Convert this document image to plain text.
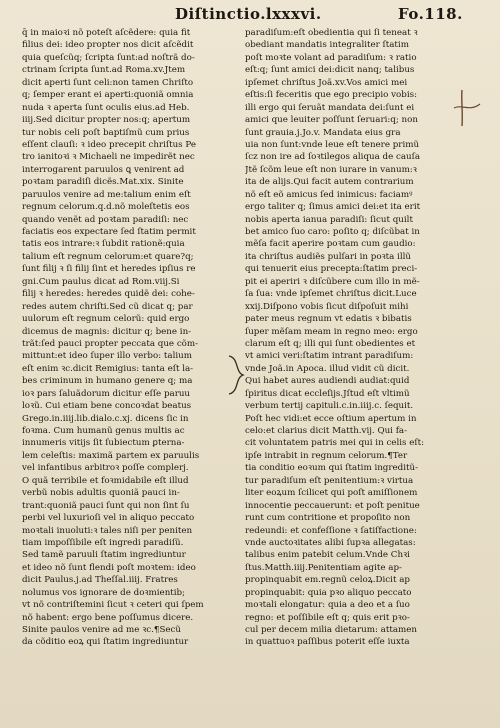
Diſtinctio.lxxxvi.	Fo.118.
q̄ in maioꝛi nõ poteſt aſcẽdere: quia fit
filius dei: ideo propter nos dicit aſcẽdit
quia queſcũq; ſcripta ſunt:ad noſtrã do-
ctrinam ſcripta ſunt.ad Roma.xv.Jtem
dicit aperti ſunt celi:non tamen Chriſto
q; ſemper erant ei aperti:quoniã omnia
nuda ꝛ aperta ſunt oculis eius.ad Heb.
iiij.Sed dicitur propter nos:q; apertum
tur nobis celi poſt baptiſmũ cum prius
eſſent clauſi: ꝛ ideo precepit chriſtus Pe
tro ianitoꝛi ꝛ Michaeli ne impedirẽt nec
interrogarent paruulos ꝗ venirent ad
poꝛtam paradiſi dicẽs.Mat.xix. Sinite
paruulos venire ad me:talium enim eſt
regnum celorum.q.d.nõ moleſtetis eos
quando venẽt ad poꝛtam paradiſi: nec
faciatis eos expectare ſed ſtatim permit
tatis eos intrare:ꝛ ſubdit rationẽ:quia
talium eſt regnum celorum:et quare?q;
ſunt filij ꝛ ſi filij ſint et heredes ipſius re
gni.Cum paulus dicat ad Rom.viij.Si
filij ꝛ heredes: heredes quidẽ dei: cohe-
redes autem chriſti.Sed cũ dicat q; par
uulorum eſt regnum celorũ: quid ergo
dicemus de magnis: dicitur q; bene in-
trãt:ſed pauci propter peccata que cõm-
mittunt:et ideo ſuper illo verbo: talium
eſt enim ꝛc.dicit Remigius: tanta eſt la-
bes criminum in humano genere q; ma
ioꝛ pars ſaluãdorum dicitur eſſe paruu
loꝛũ. Cui etiam bene concoꝛdat beatus
Grego.in.iiij.lib.dialo.c.xj. dicens ſic in
foꝛma. Cum humanũ genus multis ac
innumeris vitijs ſit ſubiectum ꝑterna-
lem celeſtis: maximã partem ex paruulis
vel infantibus arbitroꝛ poſſe complerj.
O quã terribile et foꝛmidabile eſt illud
verbũ nobis adultis quoniã pauci in-
trant:quoniã pauci ſunt qui non ſint ſu
perbi vel luxurioſi vel in aliquo peccato
moꝛtali inuoluti:ꝛ tales niſi per peniten
tiam impoſſibile eſt ingredi paradiſũ.
Sed tamẽ paruuli ſtatim ingrediuntur
et ideo nõ ſunt flendi poſt moꝛtem: ideo
dicit Paulus.j.ad Theſſal.iiij. Fratres
nolumus vos ignorare de doꝛmientib;
vt nõ contriſtemini ſicut ꝛ ceteri qui ſpem
nõ habent: ergo bene poſſumus dicere.
Sinite paulos venire ad me ꝛc.¶Secũ
da cõditio eoꝝ qui ſtatim ingrediuntur
paradiſum:eſt obedientia qui ſi teneat ꝛ
obediant mandatis integraliter ſtatim
poſt moꝛte volant ad paradiſum: ꝛ ratio
eſt:q; ſunt amici dei:dicit nanq; talibus
ipſemet chriſtus Joã.xv.Vos amici mei
eſtis:ſi feceritis que ego precipio vobis:
illi ergo qui ſeruãt mandata dei:ſunt ei
amici que leuiter poſſunt ſeruari:q; non
ſunt grauia.j.Jo.v. Mandata eius gra
uia non ſunt:vnde leue eſt tenere primũ
ſcz non ire ad ſoꝛtilegos aliqua de cauſa
Jtẽ ſcõm leue eſt non iurare in vanum:ꝛ
ita de alijs.Qui facit autem contrarium
nõ eſt eõ amicus ſed inimicus: faciamꝰ
ergo taliter q; ſimus amici dei:et ita erit
nobis aperta ianua paradiſi: ſicut quilt
bet amico ſuo caro: poſito q; diſcũbat in
mẽſa facit aperire poꝛtam cum gaudio:
ita chriſtus audiẽs pulſari in poꝛta illũ
qui tenuerit eius precepta:ſtatim preci-
pit ei aperiri ꝛ diſcũbere cum illo in mẽ-
ſa ſua: vnde ipſemet chriſtus dicit.Luce
xxij.Diſpono vobis ſicut diſpoſuit mihi
pater meus regnum vt edatis ꝛ bibatis
ſuper mẽſam meam in regno meo: ergo
clarum eſt q; illi qui ſunt obedientes et
vt amici veri:ſtatim intrant paradiſum:
vnde Joã.in Apoca. illud vidit cũ dicit.
Qui habet aures audiendi audiat:quid
ſpiritus dicat eccleſijs.Jſtud eſt vltimũ
verbum tertij capituli.c.in.iiij.c. ſequit.
Poſt hec vidi:et ecce oſtium apertum in
celo:et clarius dicit Matth.vij. Qui fa-
cit voluntatem patris mei qui in celis eſt:
ipſe intrabit in regnum celorum.¶Ter
tia conditio eoꝛum qui ſtatim ingreditũ-
tur paradiſum eſt penitentium:ꝛ virtua
liter eoꝝum ſcilicet qui poſt amiſſionem
innocentie peccauerunt: et poſt penitue
runt cum contritione et propoſito non
redeundi: et confeſſione ꝛ ſatiſfactione:
vnde auctoꝛitates alibi ſupꝛa allegatas:
talibus enim patebit celum.Vnde Chꝛi
ſtus.Matth.iiij.Penitentiam agite ap-
propinquabit em.regnũ celoꝝ.Dicit ap
propinquabit: quia pꝛo aliquo peccato
moꝛtali elongatur: quia a deo et a ſuo
regno: et poſſibile eſt q; quis erit pꝛo-
cul per decem milia dietarum: attamen
in quattuoꝛ paſſibus poterit eſſe iuxta
